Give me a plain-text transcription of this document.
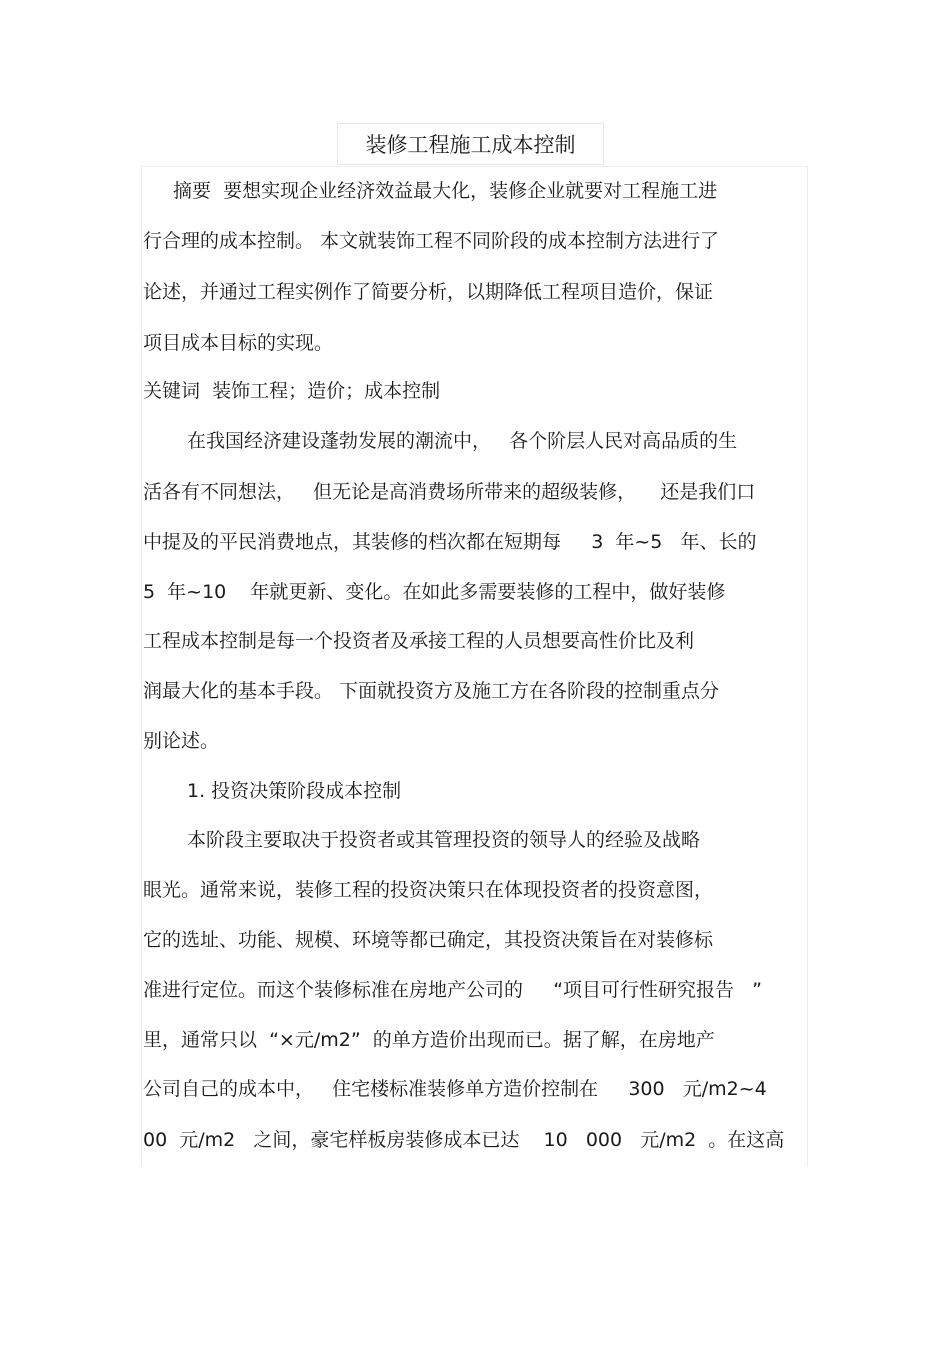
装修工程施工成本控制
摘要  要想实现企业经济效益最大化，装修企业就要对工程施工进
行合理的成本控制。 本文就装饰工程不同阶段的成本控制方法进行了
论述，并通过工程实例作了简要分析，以期降低工程项目造价，保证
项目成本目标的实现。
关键词  装饰工程；造价；成本控制
在我国经济建设蓬勃发展的潮流中，   各个阶层人民对高品质的生
活各有不同想法，   但无论是高消费场所带来的超级装修，    还是我们口
中提及的平民消费地点，其装修的档次都在短期每     3  年~5   年、长的
5  年~10    年就更新、变化。在如此多需要装修的工程中，做好装修
工程成本控制是每一个投资者及承接工程的人员想要高性价比及利
润最大化的基本手段。 下面就投资方及施工方在各阶段的控制重点分
别论述。
1. 投资决策阶段成本控制
本阶段主要取决于投资者或其管理投资的领导人的经验及战略
眼光。通常来说，装修工程的投资决策只在体现投资者的投资意图，
它的选址、功能、规模、环境等都已确定，其投资决策旨在对装修标
准进行定位。而这个装修标准在房地产公司的     “项目可行性研究报告   ”
里，通常只以  “×元/m2”  的单方造价出现而已。据了解，在房地产
公司自己的成本中，   住宅楼标准装修单方造价控制在     300   元/m2~4
00  元/m2   之间，豪宅样板房装修成本已达    10   000   元/m2  。在这高
